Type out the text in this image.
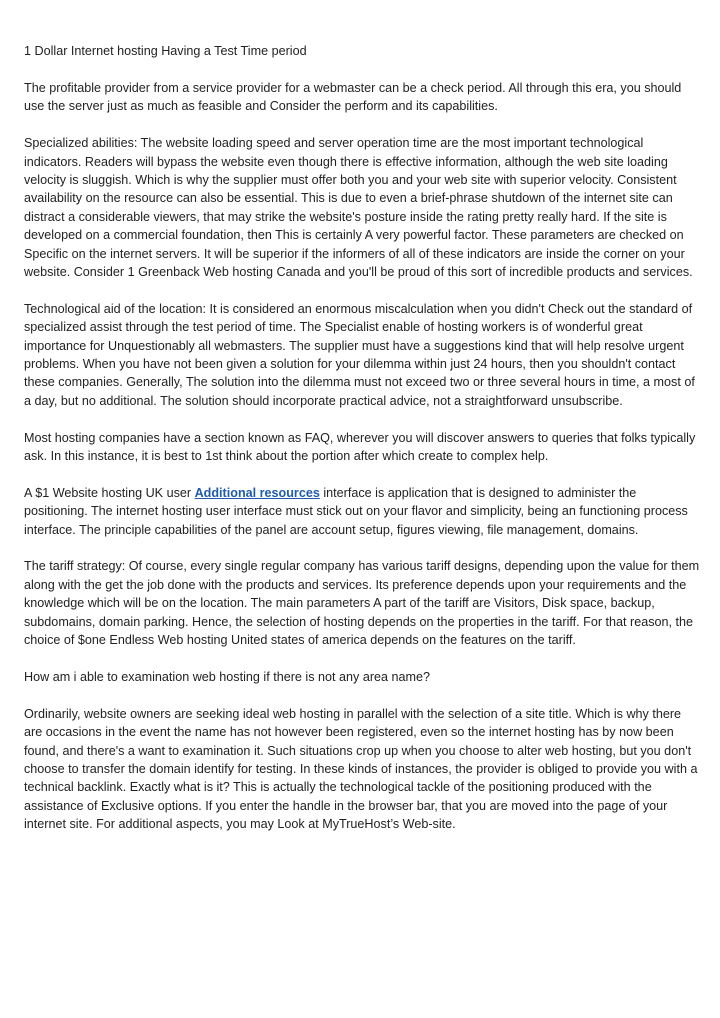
1 Dollar Internet hosting Having a Test Time period

The profitable provider from a service provider for a webmaster can be a check period. All through this era, you should use the server just as much as feasible and Consider the perform and its capabilities.

Specialized abilities: The website loading speed and server operation time are the most important technological indicators. Readers will bypass the website even though there is effective information, although the web site loading velocity is sluggish. Which is why the supplier must offer both you and your web site with superior velocity. Consistent availability on the resource can also be essential. This is due to even a brief-phrase shutdown of the internet site can distract a considerable viewers, that may strike the website's posture inside the rating pretty really hard. If the site is developed on a commercial foundation, then This is certainly A very powerful factor. These parameters are checked on Specific on the internet servers. It will be superior if the informers of all of these indicators are inside the corner on your website. Consider 1 Greenback Web hosting Canada and you'll be proud of this sort of incredible products and services.

Technological aid of the location: It is considered an enormous miscalculation when you didn't Check out the standard of specialized assist through the test period of time. The Specialist enable of hosting workers is of wonderful great importance for Unquestionably all webmasters. The supplier must have a suggestions kind that will help resolve urgent problems. When you have not been given a solution for your dilemma within just 24 hours, then you shouldn't contact these companies. Generally, The solution into the dilemma must not exceed two or three several hours in time, a most of a day, but no additional. The solution should incorporate practical advice, not a straightforward unsubscribe.

Most hosting companies have a section known as FAQ, wherever you will discover answers to queries that folks typically ask. In this instance, it is best to 1st think about the portion after which create to complex help.

A $1 Website hosting UK user Additional resources interface is application that is designed to administer the positioning. The internet hosting user interface must stick out on your flavor and simplicity, being an functioning process interface. The principle capabilities of the panel are account setup, figures viewing, file management, domains.

The tariff strategy: Of course, every single regular company has various tariff designs, depending upon the value for them along with the get the job done with the products and services. Its preference depends upon your requirements and the knowledge which will be on the location. The main parameters A part of the tariff are Visitors, Disk space, backup, subdomains, domain parking. Hence, the selection of hosting depends on the properties in the tariff. For that reason, the choice of $one Endless Web hosting United states of america depends on the features on the tariff.

How am i able to examination web hosting if there is not any area name?

Ordinarily, website owners are seeking ideal web hosting in parallel with the selection of a site title. Which is why there are occasions in the event the name has not however been registered, even so the internet hosting has by now been found, and there's a want to examination it. Such situations crop up when you choose to alter web hosting, but you don't choose to transfer the domain identify for testing. In these kinds of instances, the provider is obliged to provide you with a technical backlink. Exactly what is it? This is actually the technological tackle of the positioning produced with the assistance of Exclusive options. If you enter the handle in the browser bar, that you are moved into the page of your internet site. For additional aspects, you may Look at MyTrueHost’s Web-site.
